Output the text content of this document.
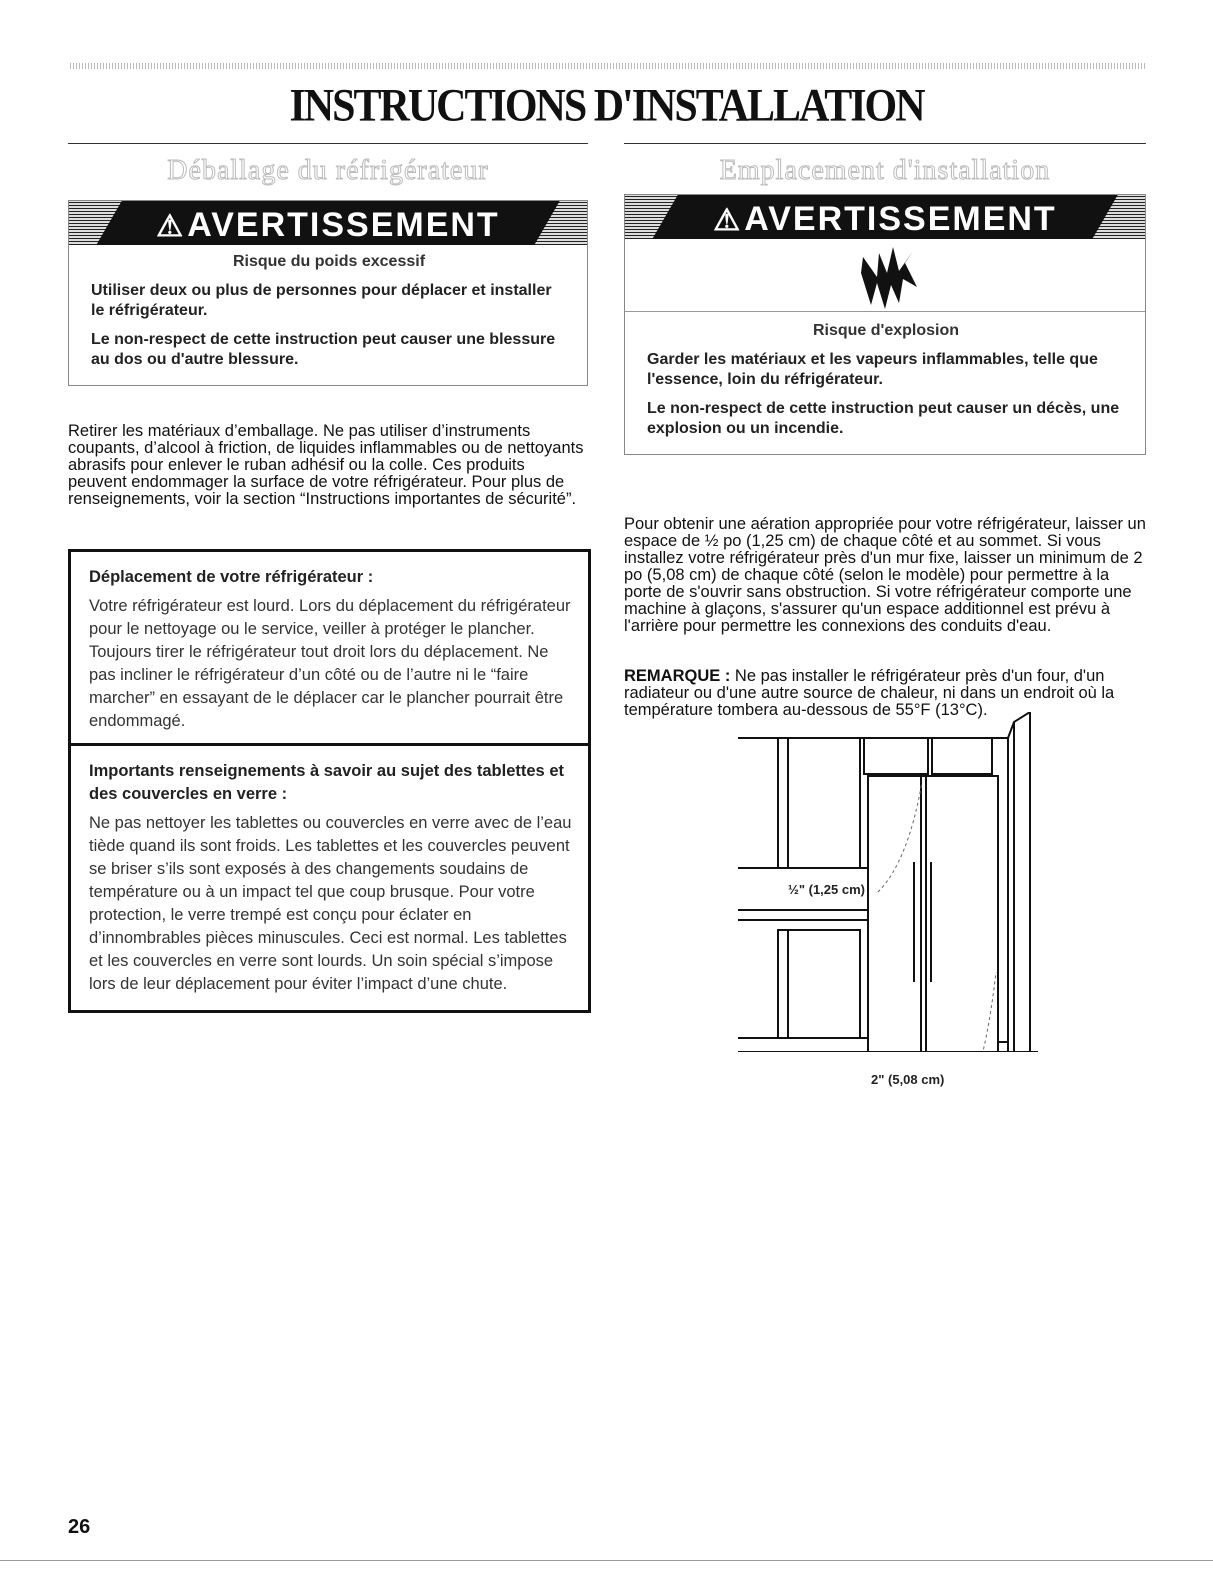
INSTRUCTIONS D'INSTALLATION
Déballage du réfrigérateur
⚠AVERTISSEMENT

Risque du poids excessif

Utiliser deux ou plus de personnes pour déplacer et installer le réfrigérateur.

Le non-respect de cette instruction peut causer une blessure au dos ou d'autre blessure.

Retirer les matériaux d’emballage. Ne pas utiliser d’instruments coupants, d’alcool à friction, de liquides inflammables ou de nettoyants abrasifs pour enlever le ruban adhésif ou la colle. Ces produits peuvent endommager la surface de votre réfrigérateur. Pour plus de renseignements, voir la section “Instructions importantes de sécurité”.

Déplacement de votre réfrigérateur :

Votre réfrigérateur est lourd. Lors du déplacement du réfrigérateur pour le nettoyage ou le service, veiller à protéger le plancher. Toujours tirer le réfrigérateur tout droit lors du déplacement. Ne pas incliner le réfrigérateur d’un côté ou de l’autre ni le “faire marcher” en essayant de le déplacer car le plancher pourrait être endommagé.

Importants renseignements à savoir au sujet des tablettes et des couvercles en verre :

Ne pas nettoyer les tablettes ou couvercles en verre avec de l’eau tiède quand ils sont froids. Les tablettes et les couvercles peuvent se briser s’ils sont exposés à des changements soudains de température ou à un impact tel que coup brusque. Pour votre protection, le verre trempé est conçu pour éclater en d’innombrables pièces minuscules. Ceci est normal. Les tablettes et les couvercles en verre sont lourds. Un soin spécial s’impose lors de leur déplacement pour éviter l’impact d’une chute.

Emplacement d'installation
⚠AVERTISSEMENT

Risque d'explosion

Garder les matériaux et les vapeurs inflammables, telle que l'essence, loin du réfrigérateur.

Le non-respect de cette instruction peut causer un décès, une explosion ou un incendie.

Pour obtenir une aération appropriée pour votre réfrigérateur, laisser un espace de ½ po (1,25 cm) de chaque côté et au sommet. Si vous installez votre réfrigérateur près d'un mur fixe, laisser un minimum de 2 po (5,08 cm) de chaque côté (selon le modèle) pour permettre à la porte de s'ouvrir sans obstruction. Si votre réfrigérateur comporte une machine à glaçons, s'assurer qu'un espace additionnel est prévu à l'arrière pour permettre les connexions des conduits d'eau.

REMARQUE : Ne pas installer le réfrigérateur près d'un four, d'un radiateur ou d'une autre source de chaleur, ni dans un endroit où la température tombera au-dessous de 55°F (13°C).

½" (1,25 cm)
2" (5,08 cm)
26
